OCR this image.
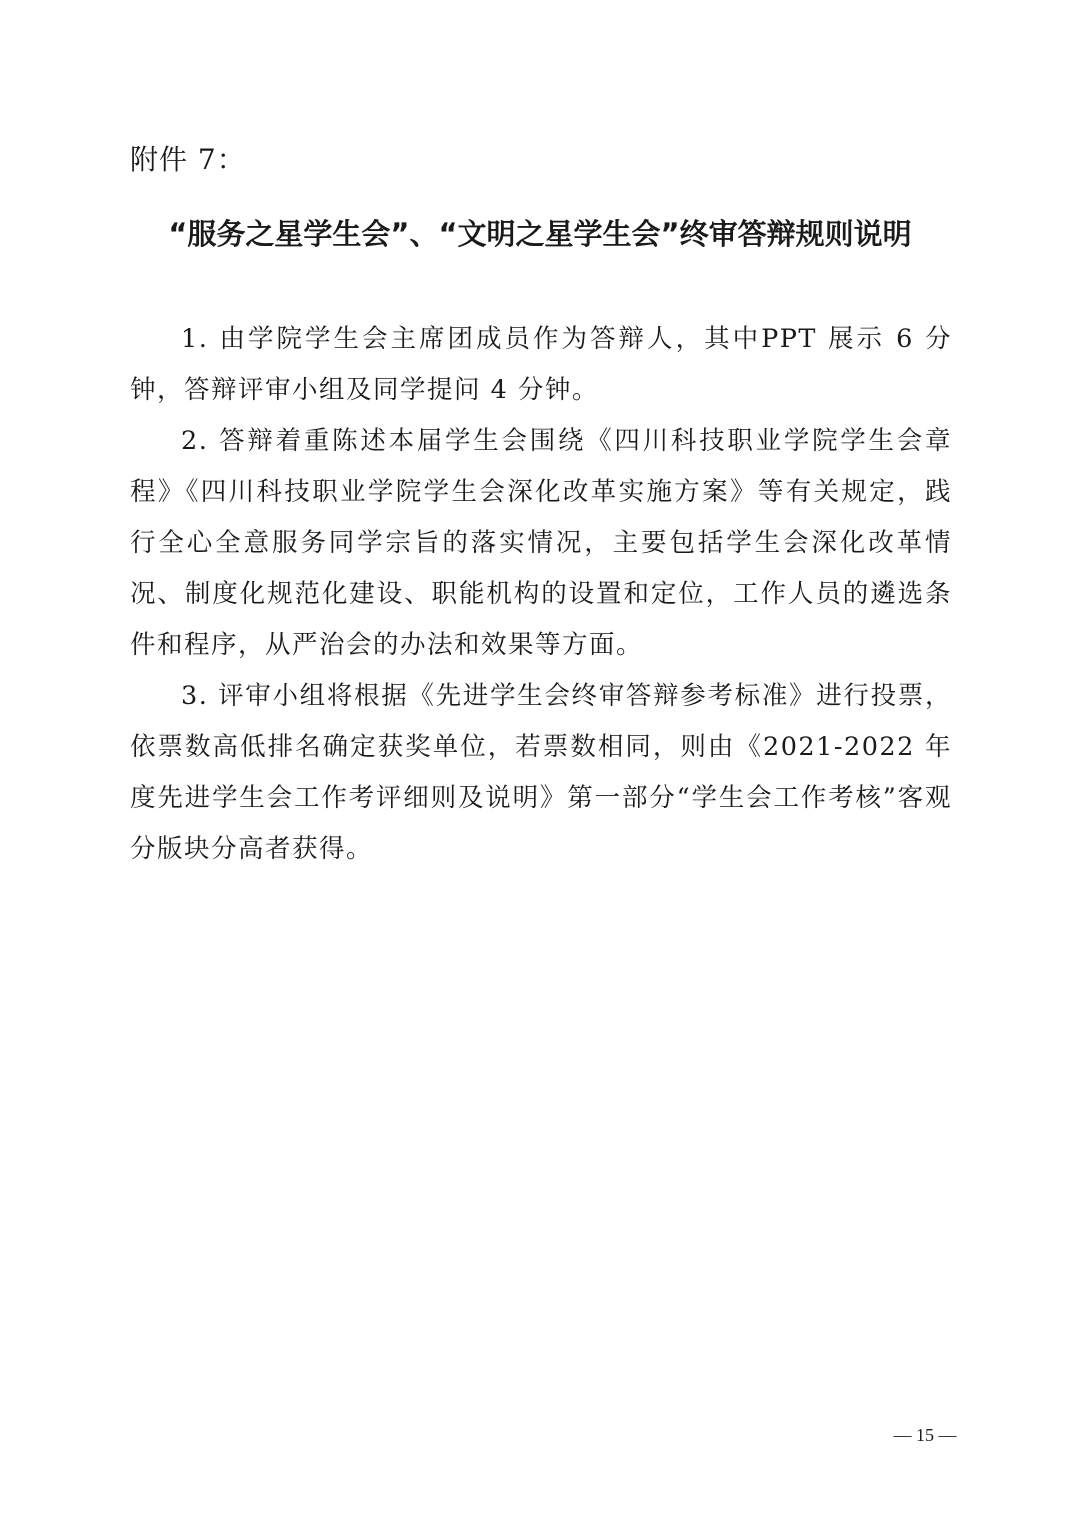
附件 7：
“服务之星学生会”、“文明之星学生会”终审答辩规则说明

1. 由学院学生会主席团成员作为答辩人，其中PPT 展示 6 分钟，答辩评审小组及同学提问 4 分钟。

2. 答辩着重陈述本届学生会围绕《四川科技职业学院学生会章程》《四川科技职业学院学生会深化改革实施方案》等有关规定，践行全心全意服务同学宗旨的落实情况，主要包括学生会深化改革情况、制度化规范化建设、职能机构的设置和定位，工作人员的遴选条件和程序，从严治会的办法和效果等方面。

3. 评审小组将根据《先进学生会终审答辩参考标准》进行投票，依票数高低排名确定获奖单位，若票数相同，则由《2021-2022 年度先进学生会工作考评细则及说明》第一部分“学生会工作考核”客观分版块分高者获得。

— 15 —
